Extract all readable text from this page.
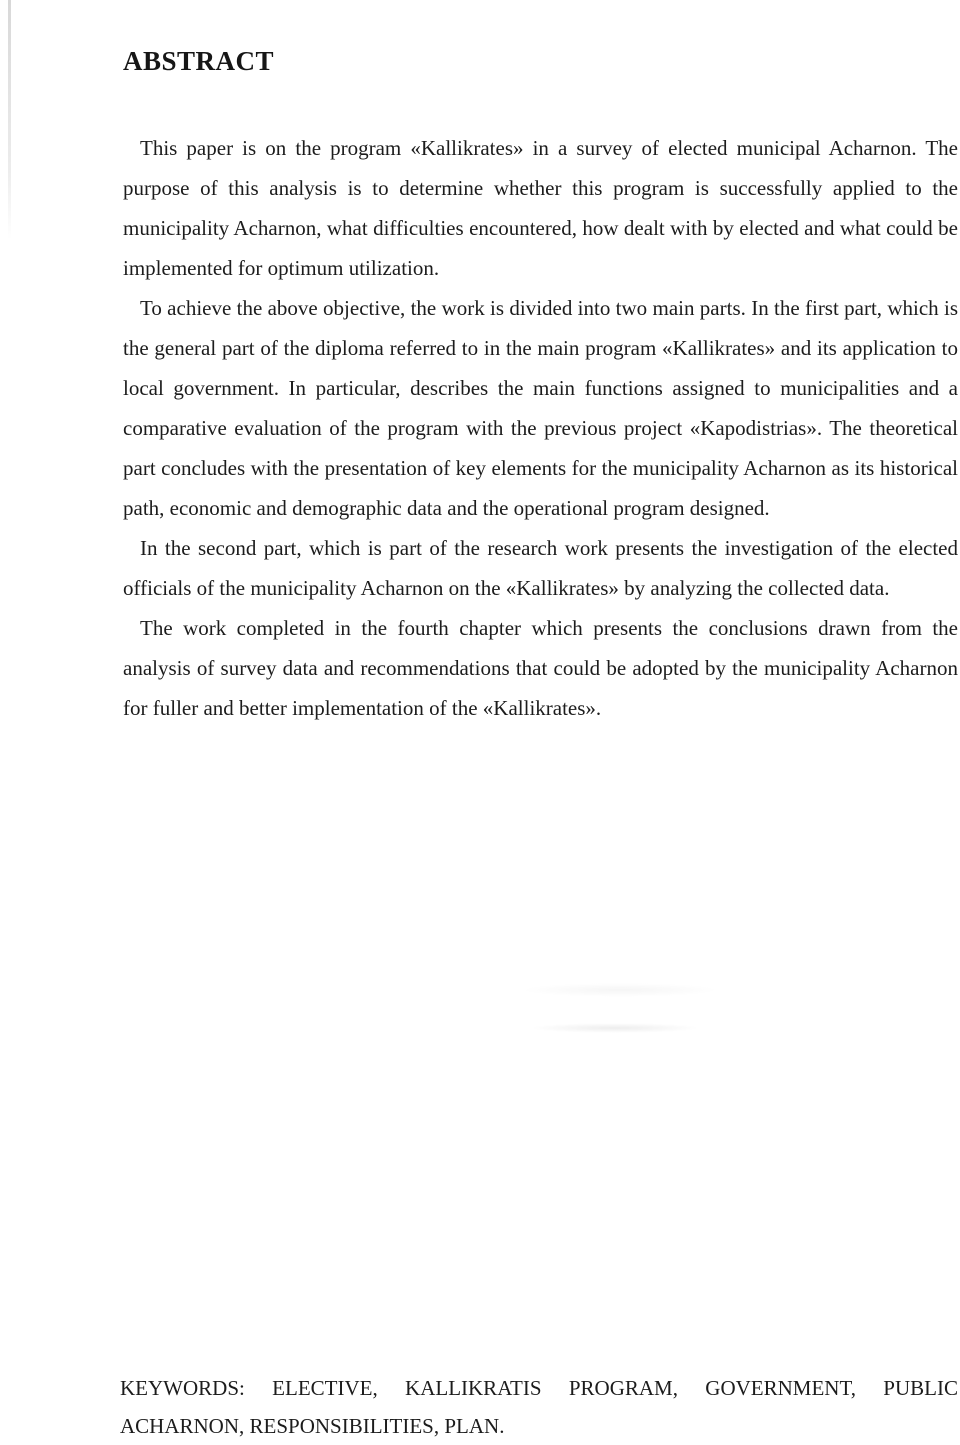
ABSTRACT

This paper is on the program «Kallikrates» in a survey of elected municipal Acharnon. The purpose of this analysis is to determine whether this program is successfully applied to the municipality Acharnon, what difficulties encountered, how dealt with by elected and what could be implemented for optimum utilization.

To achieve the above objective, the work is divided into two main parts. In the first part, which is the general part of the diploma referred to in the main program «Kallikrates» and its application to local government. In particular, describes the main functions assigned to municipalities and a comparative evaluation of the program with the previous project «Kapodistrias». The theoretical part concludes with the presentation of key elements for the municipality Acharnon as its historical path, economic and demographic data and the operational program designed.

In the second part, which is part of the research work presents the investigation of the elected officials of the municipality Acharnon on the «Kallikrates» by analyzing the collected data.

The work completed in the fourth chapter which presents the conclusions drawn from the analysis of survey data and recommendations that could be adopted by the municipality Acharnon for fuller and better implementation of the «Kallikrates».

KEYWORDS: ELECTIVE, KALLIKRATIS PROGRAM, GOVERNMENT, PUBLIC ACHARNON, RESPONSIBILITIES, PLAN.
